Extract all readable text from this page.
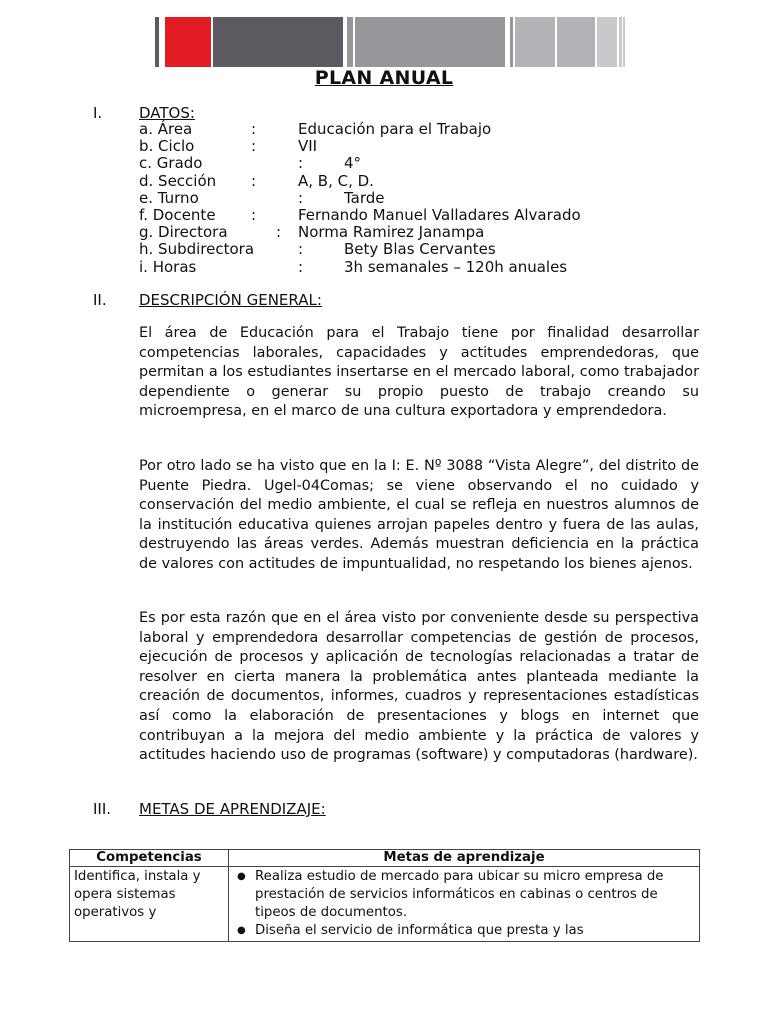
PLAN ANUAL
I. DATOS:
a. Área	:	Educación para el Trabajo
b. Ciclo	:	VII
c. Grado	:	4°
d. Sección :	A, B, C, D.
e. Turno	:	Tarde
f. Docente :	Fernando Manuel Valladares Alvarado
g. Directora	: Norma Ramirez Janampa
h. Subdirectora	:	Bety Blas Cervantes
i. Horas	:	3h semanales – 120h anuales
II. DESCRIPCIÓN GENERAL:

El área de Educación para el Trabajo tiene por finalidad desarrollar competencias laborales, capacidades y actitudes emprendedoras, que permitan a los estudiantes insertarse en el mercado laboral, como trabajador dependiente o generar su propio puesto de trabajo creando su microempresa, en el marco de una cultura exportadora y emprendedora.

Por otro lado se ha visto que en la I: E. Nº 3088 “Vista Alegre”, del distrito de Puente Piedra. Ugel-04Comas; se viene observando el no cuidado y conservación del medio ambiente, el cual se refleja en nuestros alumnos de la institución educativa quienes arrojan papeles dentro y fuera de las aulas, destruyendo las áreas verdes. Además muestran deficiencia en la práctica de valores con actitudes de impuntualidad, no respetando los bienes ajenos.

Es por esta razón que en el área visto por conveniente desde su perspectiva laboral y emprendedora desarrollar competencias de gestión de procesos, ejecución de procesos y aplicación de tecnologías relacionadas a tratar de resolver en cierta manera la problemática antes planteada mediante la creación de documentos, informes, cuadros y representaciones estadísticas así como la elaboración de presentaciones y blogs en internet que contribuyan a la mejora del medio ambiente y la práctica de valores y actitudes haciendo uso de programas (software) y computadoras (hardware).

III. METAS DE APRENDIZAJE:
Competencias	Metas de aprendizaje
Identifica, instala y opera sistemas operativos y	● Realiza estudio de mercado para ubicar su micro empresa de prestación de servicios informáticos en cabinas o centros de tipeos de documentos.
● Diseña el servicio de informática que presta y las
